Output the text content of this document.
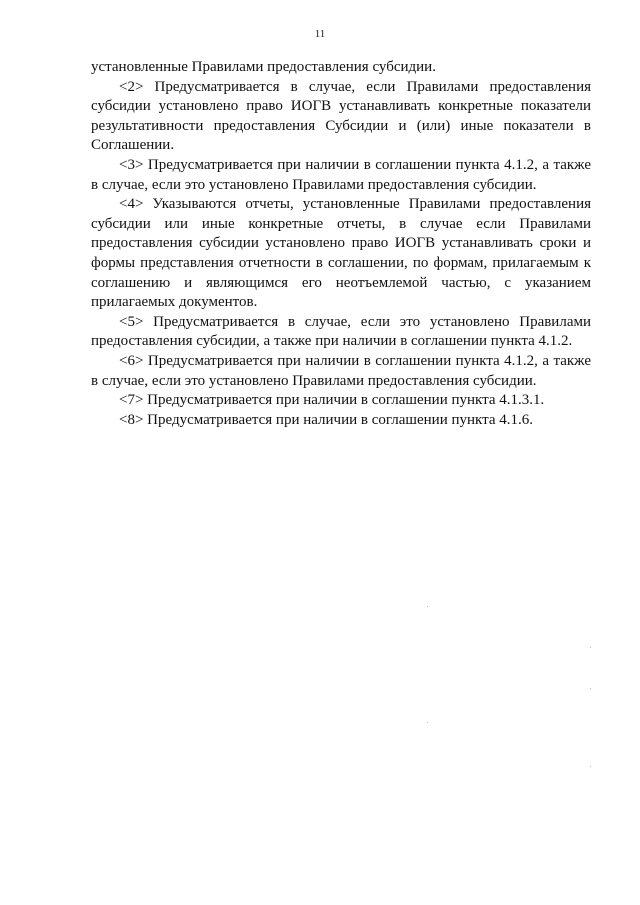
11

установленные Правилами предоставления субсидии.

<2> Предусматривается в случае, если Правилами предоставления субсидии установлено право ИОГВ устанавливать конкретные показатели результативности предоставления Субсидии и (или) иные показатели в Соглашении.

<3> Предусматривается при наличии в соглашении пункта 4.1.2, а также в случае, если это установлено Правилами предоставления субсидии.

<4> Указываются отчеты, установленные Правилами предоставления субсидии или иные конкретные отчеты, в случае если Правилами предоставления субсидии установлено право ИОГВ устанавливать сроки и формы представления отчетности в соглашении, по формам, прилагаемым к соглашению и являющимся его неотъемлемой частью, с указанием прилагаемых документов.

<5> Предусматривается в случае, если это установлено Правилами предоставления субсидии, а также при наличии в соглашении пункта 4.1.2.

<6> Предусматривается при наличии в соглашении пункта 4.1.2, а также в случае, если это установлено Правилами предоставления субсидии.

<7> Предусматривается при наличии в соглашении пункта 4.1.3.1.

<8> Предусматривается при наличии в соглашении пункта 4.1.6.
